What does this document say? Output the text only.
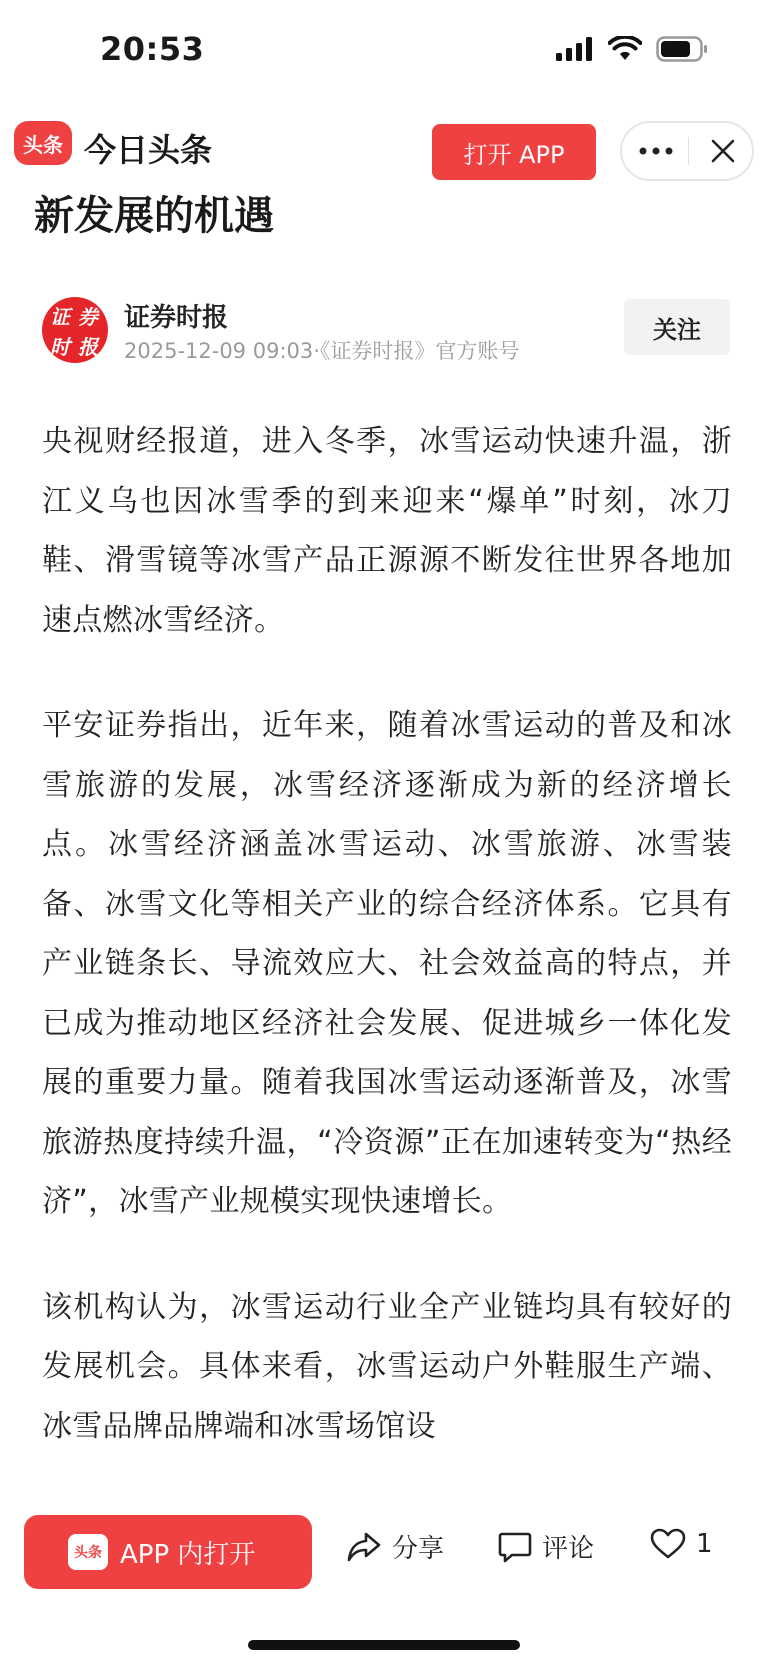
20:53
头条 今日头条	打开 APP
新发展的机遇
证 券
时 报
证券时报
2025-12-09 09:03·《证券时报》官方账号
关注

央视财经报道，进入冬季，冰雪运动快速升温，浙江义乌也因冰雪季的到来迎来“爆单”时刻，冰刀鞋、滑雪镜等冰雪产品正源源不断发往世界各地加速点燃冰雪经济。

平安证券指出，近年来，随着冰雪运动的普及和冰雪旅游的发展，冰雪经济逐渐成为新的经济增长点。冰雪经济涵盖冰雪运动、冰雪旅游、冰雪装备、冰雪文化等相关产业的综合经济体系。它具有产业链条长、导流效应大、社会效益高的特点，并已成为推动地区经济社会发展、促进城乡一体化发展的重要力量。随着我国冰雪运动逐渐普及，冰雪旅游热度持续升温，“冷资源”正在加速转变为“热经济”，冰雪产业规模实现快速增长。

该机构认为，冰雪运动行业全产业链均具有较好的发展机会。具体来看，冰雪运动户外鞋服生产端、冰雪品牌品牌端和冰雪场馆设

头条 APP 内打开	分享	评论	1
